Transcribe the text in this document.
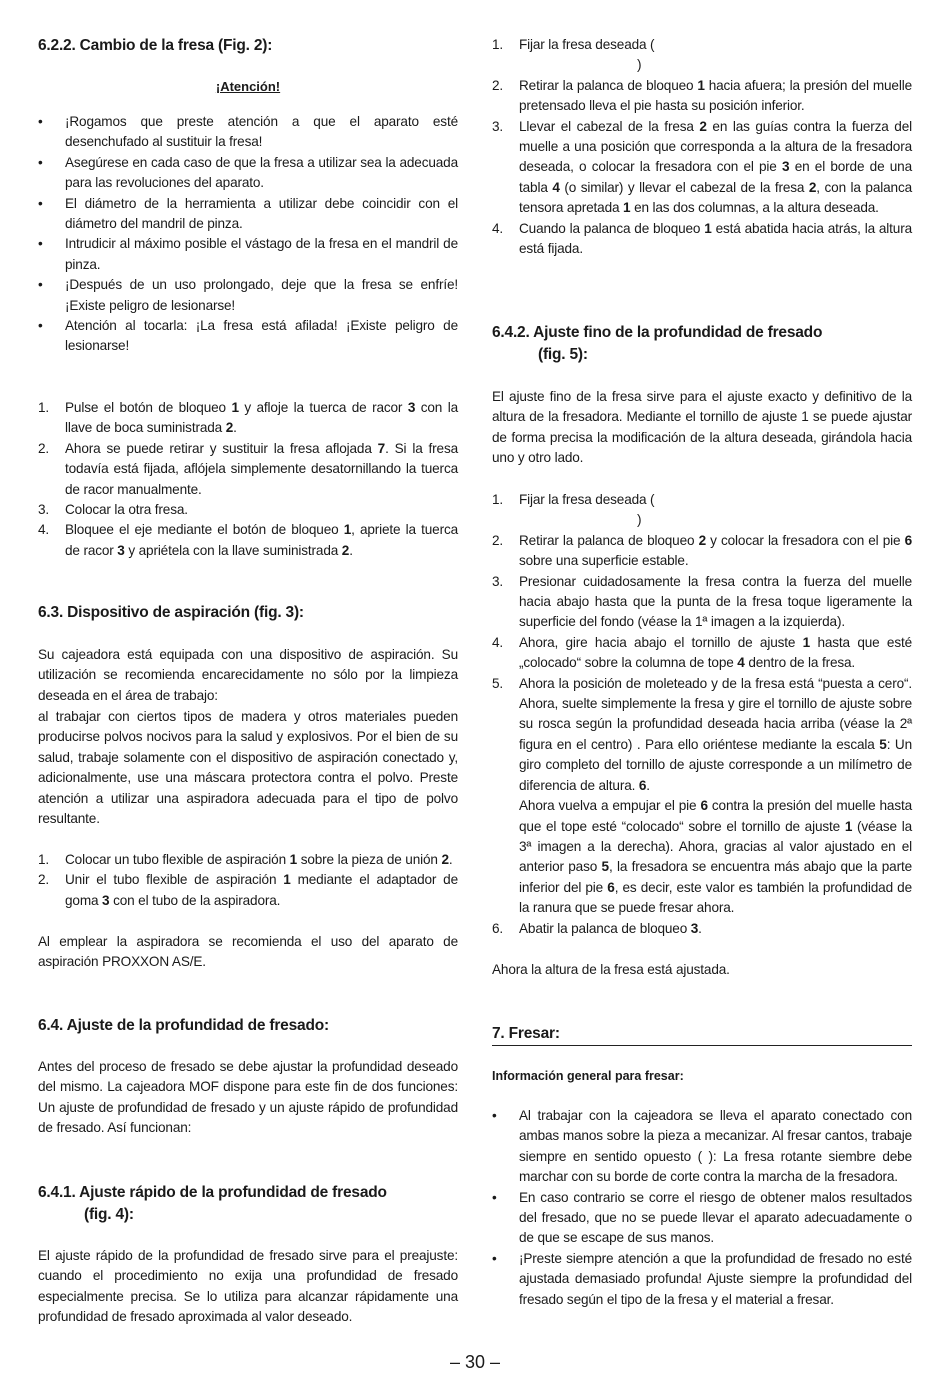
6.2.2. Cambio de la fresa (Fig. 2):
¡Atención!
• ¡Rogamos que preste atención a que el aparato esté desenchufado al sustituir la fresa!
• Asegúrese en cada caso de que la fresa a utilizar sea la adecuada para las revoluciones del aparato.
• El diámetro de la herramienta a utilizar debe coincidir con el diámetro del mandril de pinza.
• Intrudicir al máximo posible el vástago de la fresa en el mandril de pinza.
• ¡Después de un uso prolongado, deje que la fresa se enfríe! ¡Existe peligro de lesionarse!
• Atención al tocarla: ¡La fresa está afilada! ¡Existe peligro de lesionarse!
1. Pulse el botón de bloqueo 1 y afloje la tuerca de racor 3 con la llave de boca suministrada 2.
2. Ahora se puede retirar y sustituir la fresa aflojada 7. Si la fresa todavía está fijada, aflójela simplemente desatornillando la tuerca de racor manualmente.
3. Colocar la otra fresa.
4. Bloquee el eje mediante el botón de bloqueo 1, apriete la tuerca de racor 3 y apriétela con la llave suministrada 2.
6.3. Dispositivo de aspiración (fig. 3):

Su cajeadora está equipada con una dispositivo de aspiración. Su utilización se recomienda encarecidamente no sólo por la limpieza deseada en el área de trabajo:

al trabajar con ciertos tipos de madera y otros materiales pueden producirse polvos nocivos para la salud y explosivos. Por el bien de su salud, trabaje solamente con el dispositivo de aspiración conectado y, adicionalmente, use una máscara protectora contra el polvo. Preste atención a utilizar una aspiradora adecuada para el tipo de polvo resultante.

1. Colocar un tubo flexible de aspiración 1 sobre la pieza de unión 2.
2. Unir el tubo flexible de aspiración 1 mediante el adaptador de goma 3 con el tubo de la aspiradora.

Al emplear la aspiradora se recomienda el uso del aparato de aspiración PROXXON AS/E.

6.4. Ajuste de la profundidad de fresado:

Antes del proceso de fresado se debe ajustar la profundidad deseado del mismo. La cajeadora MOF dispone para este fin de dos funciones: Un ajuste de profundidad de fresado y un ajuste rápido de profundidad de fresado. Así funcionan:

6.4.1. Ajuste rápido de la profundidad de fresado
(fig. 4):

El ajuste rápido de la profundidad de fresado sirve para el preajuste: cuando el procedimiento no exija una profundidad de fresado especialmente precisa. Se lo utiliza para alcanzar rápidamente una profundidad de fresado aproximada al valor deseado.

1. Fijar la fresa deseada (
)
2. Retirar la palanca de bloqueo 1 hacia afuera; la presión del muelle pretensado lleva el pie hasta su posición inferior.
3. Llevar el cabezal de la fresa 2 en las guías contra la fuerza del muelle a una posición que corresponda a la altura de la fresadora deseada, o colocar la fresadora con el pie 3 en el borde de una tabla 4 (o similar) y llevar el cabezal de la fresa 2, con la palanca tensora apretada 1 en las dos columnas, a la altura deseada.
4. Cuando la palanca de bloqueo 1 está abatida hacia atrás, la altura está fijada.
6.4.2. Ajuste fino de la profundidad de fresado
(fig. 5):

El ajuste fino de la fresa sirve para el ajuste exacto y definitivo de la altura de la fresadora. Mediante el tornillo de ajuste 1 se puede ajustar de forma precisa la modificación de la altura deseada, girándola hacia uno y otro lado.

1. Fijar la fresa deseada (
)
2. Retirar la palanca de bloqueo 2 y colocar la fresadora con el pie 6 sobre una superficie estable.
3. Presionar cuidadosamente la fresa contra la fuerza del muelle hacia abajo hasta que la punta de la fresa toque ligeramente la superficie del fondo (véase la 1ª imagen a la izquierda).
4. Ahora, gire hacia abajo el tornillo de ajuste 1 hasta que esté „colocado“ sobre la columna de tope 4 dentro de la fresa.
5. Ahora la posición de moleteado y de la fresa está “puesta a cero“. Ahora, suelte simplemente la fresa y gire el tornillo de ajuste sobre su rosca según la profundidad deseada hacia arriba (véase la 2ª figura en el centro) . Para ello oriéntese mediante la escala 5: Un giro completo del tornillo de ajuste corresponde a un milímetro de diferencia de altura. 6.
Ahora vuelva a empujar el pie 6 contra la presión del muelle hasta que el tope esté “colocado“ sobre el tornillo de ajuste 1 (véase la 3ª imagen a la derecha). Ahora, gracias al valor ajustado en el anterior paso 5, la fresadora se encuentra más abajo que la parte inferior del pie 6, es decir, este valor es también la profundidad de la ranura que se puede fresar ahora.
6. Abatir la palanca de bloqueo 3.

Ahora la altura de la fresa está ajustada.

7. Fresar:
Información general para fresar:
• Al trabajar con la cajeadora se lleva el aparato conectado con ambas manos sobre la pieza a mecanizar. Al fresar cantos, trabaje siempre en sentido opuesto ( ): La fresa rotante siembre debe marchar con su borde de corte contra la marcha de la fresadora.
• En caso contrario se corre el riesgo de obtener malos resultados del fresado, que no se puede llevar el aparato adecuadamente o de que se escape de sus manos.
• ¡Preste siempre atención a que la profundidad de fresado no esté ajustada demasiado profunda! Ajuste siempre la profundidad del fresado según el tipo de la fresa y el material a fresar.
– 30 –
